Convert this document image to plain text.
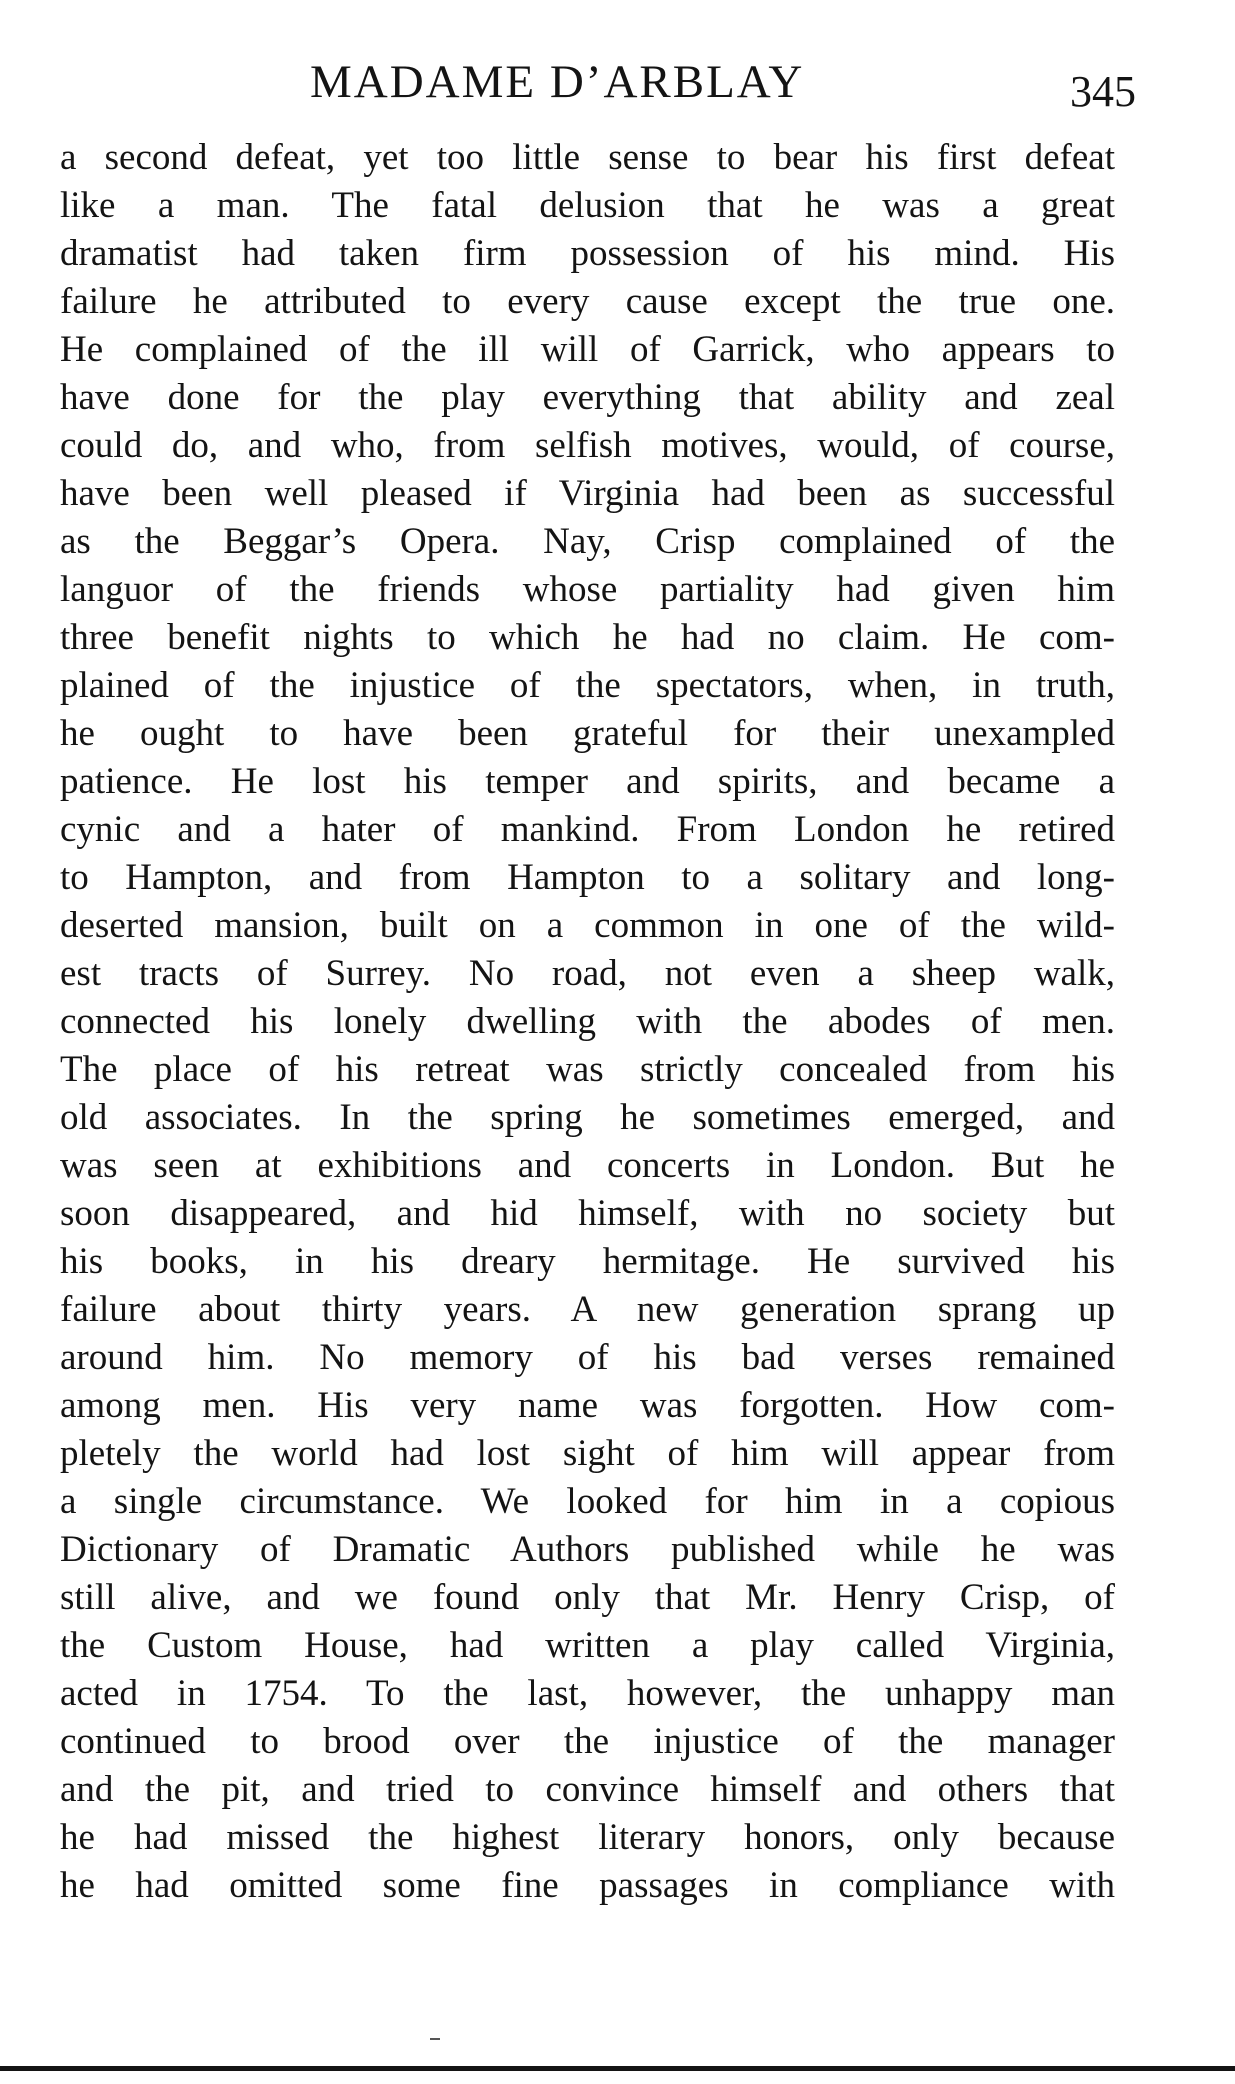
MADAME D’ARBLAY	345
a second defeat, yet too little sense to bear his first defeat
like a man. The fatal delusion that he was a great
dramatist had taken firm possession of his mind. His
failure he attributed to every cause except the true one.
He complained of the ill will of Garrick, who appears to
have done for the play everything that ability and zeal
could do, and who, from selfish motives, would, of course,
have been well pleased if Virginia had been as successful
as the Beggar’s Opera. Nay, Crisp complained of the
languor of the friends whose partiality had given him
three benefit nights to which he had no claim. He com-
plained of the injustice of the spectators, when, in truth,
he ought to have been grateful for their unexampled
patience. He lost his temper and spirits, and became a
cynic and a hater of mankind. From London he retired
to Hampton, and from Hampton to a solitary and long-
deserted mansion, built on a common in one of the wild-
est tracts of Surrey. No road, not even a sheep walk,
connected his lonely dwelling with the abodes of men.
The place of his retreat was strictly concealed from his
old associates. In the spring he sometimes emerged, and
was seen at exhibitions and concerts in London. But he
soon disappeared, and hid himself, with no society but
his books, in his dreary hermitage. He survived his
failure about thirty years. A new generation sprang up
around him. No memory of his bad verses remained
among men. His very name was forgotten. How com-
pletely the world had lost sight of him will appear from
a single circumstance. We looked for him in a copious
Dictionary of Dramatic Authors published while he was
still alive, and we found only that Mr. Henry Crisp, of
the Custom House, had written a play called Virginia,
acted in 1754. To the last, however, the unhappy man
continued to brood over the injustice of the manager
and the pit, and tried to convince himself and others that
he had missed the highest literary honors, only because
he had omitted some fine passages in compliance with
